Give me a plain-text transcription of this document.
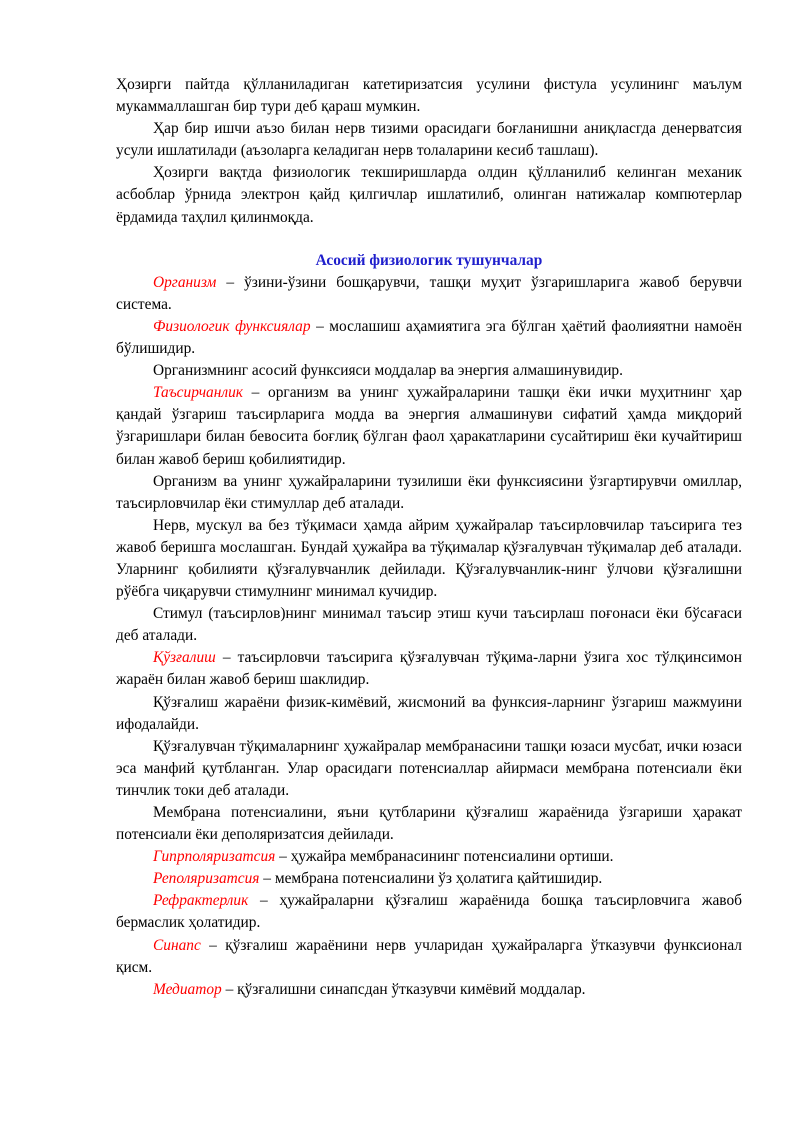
Ҳозирги пайтда қўлланиладиган катетиризатсия усулини фистула усулининг маълум мукаммаллашган бир тури деб қараш мумкин.

Ҳар бир ишчи аъзо билан нерв тизими орасидаги боғланишни аниқласгда денерватсия усули ишлатилади (аъзоларга келадиган нерв толаларини кесиб ташлаш).

Ҳозирги вақтда физиологик текширишларда олдин қўлланилиб келинган механик асбоблар ўрнида электрон қайд қилгичлар ишлатилиб, олинган натижалар компютерлар ёрдамида таҳлил қилинмоқда.

Асосий физиологик тушунчалар

Организм – ўзини-ўзини бошқарувчи, ташқи муҳит ўзгаришларига жавоб берувчи система.

Физиологик функсиялар – мослашиш аҳамиятига эга бўлган ҳаётий фаолияятни намоён бўлишидир.

Организмнинг асосий функсияси моддалар ва энергия алмашинувидир.

Таъсирчанлик – организм ва унинг ҳужайраларини ташқи ёки ички муҳитнинг ҳар қандай ўзгариш таъсирларига модда ва энергия алмашинуви сифатий ҳамда миқдорий ўзгаришлари билан бевосита боғлиқ бўлган фаол ҳаракатларини сусайтириш ёки кучайтириш билан жавоб бериш қобилиятидир.

Организм ва унинг ҳужайраларини тузилиши ёки функсиясини ўзгартирувчи омиллар, таъсирловчилар ёки стимуллар деб аталади.

Нерв, мускул ва без тўқимаси ҳамда айрим ҳужайралар таъсирловчилар таъсирига тез жавоб беришга мослашган. Бундай ҳужайра ва тўқималар қўзғалувчан тўқималар деб аталади. Уларнинг қобилияти қўзғалувчанлик дейилади. Қўзғалувчанлик-нинг ўлчови қўзғалишни рўёбга чиқарувчи стимулнинг минимал кучидир.

Стимул (таъсирлов)нинг минимал таъсир этиш кучи таъсирлаш поғонаси ёки бўсағаси деб аталади.

Қўзғалиш – таъсирловчи таъсирига қўзғалувчан тўқима-ларни ўзига хос тўлқинсимон жараён билан жавоб бериш шаклидир.

Қўзғалиш жараёни физик-кимёвий, жисмоний ва функсия-ларнинг ўзгариш мажмуини ифодалайди.

Қўзғалувчан тўқималарнинг ҳужайралар мембранасини ташқи юзаси мусбат, ички юзаси эса манфий қутбланган. Улар орасидаги потенсиаллар айирмаси мембрана потенсиали ёки тинчлик токи деб аталади.

Мембрана потенсиалини, яъни қутбларини қўзғалиш жараёнида ўзгариши ҳаракат потенсиали ёки деполяризатсия дейилади.

Гипрполяризатсия – ҳужайра мембранасининг потенсиалини ортиши.

Реполяризатсия – мембрана потенсиалини ўз ҳолатига қайтишидир.

Рефрактерлик – ҳужайраларни қўзғалиш жараёнида бошқа таъсирловчига жавоб бермаслик ҳолатидир.

Синапс – қўзғалиш жараёнини нерв учларидан ҳужайраларга ўтказувчи функсионал қисм.

Медиатор – қўзғалишни синапсдан ўтказувчи кимёвий моддалар.
